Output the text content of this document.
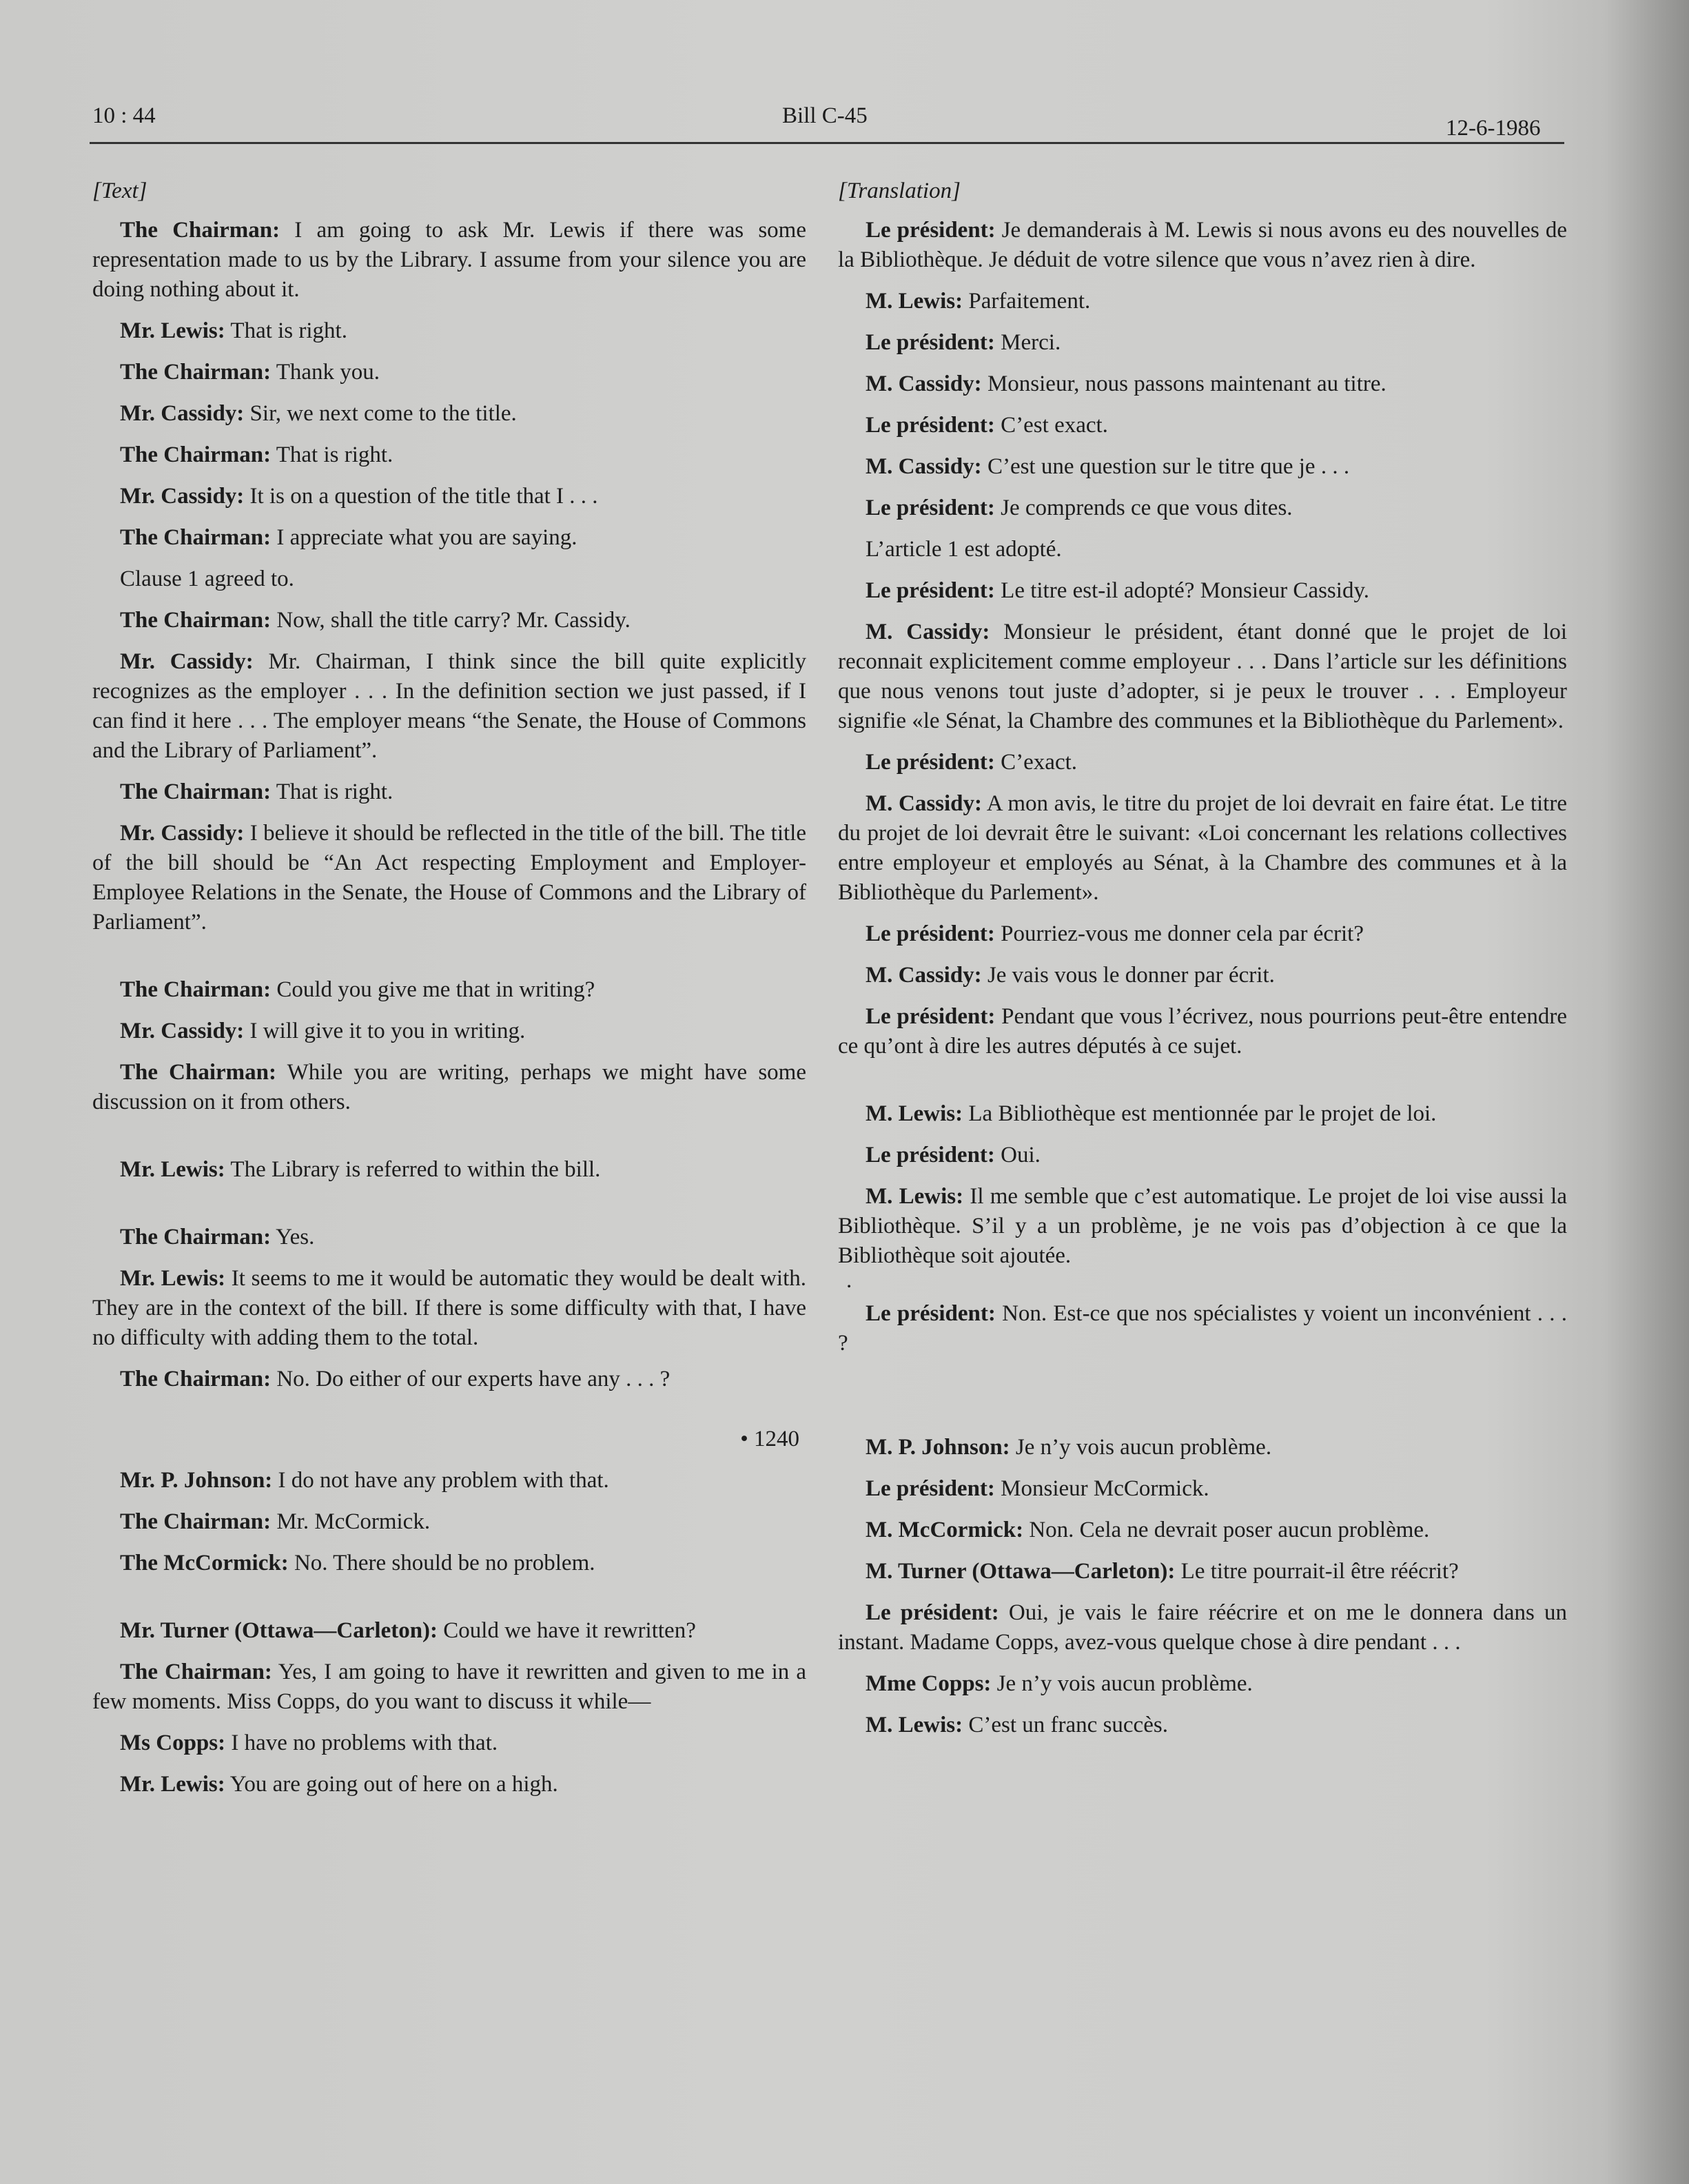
10 : 44	Bill C-45	12-6-1986
[Text]

The Chairman: I am going to ask Mr. Lewis if there was some representation made to us by the Library. I assume from your silence you are doing nothing about it.

Mr. Lewis: That is right.

The Chairman: Thank you.

Mr. Cassidy: Sir, we next come to the title.

The Chairman: That is right.

Mr. Cassidy: It is on a question of the title that I . . .

The Chairman: I appreciate what you are saying.

Clause 1 agreed to.

The Chairman: Now, shall the title carry? Mr. Cassidy.

Mr. Cassidy: Mr. Chairman, I think since the bill quite explicitly recognizes as the employer . . . In the definition section we just passed, if I can find it here . . . The employer means “the Senate, the House of Commons and the Library of Parliament”.

The Chairman: That is right.

Mr. Cassidy: I believe it should be reflected in the title of the bill. The title of the bill should be “An Act respecting Employment and Employer-Employee Relations in the Senate, the House of Commons and the Library of Parliament”.

The Chairman: Could you give me that in writing?

Mr. Cassidy: I will give it to you in writing.

The Chairman: While you are writing, perhaps we might have some discussion on it from others.

Mr. Lewis: The Library is referred to within the bill.

The Chairman: Yes.

Mr. Lewis: It seems to me it would be automatic they would be dealt with. They are in the context of the bill. If there is some difficulty with that, I have no difficulty with adding them to the total.

The Chairman: No. Do either of our experts have any . . . ?

• 1240

Mr. P. Johnson: I do not have any problem with that.

The Chairman: Mr. McCormick.

The McCormick: No. There should be no problem.

Mr. Turner (Ottawa—Carleton): Could we have it rewritten?

The Chairman: Yes, I am going to have it rewritten and given to me in a few moments. Miss Copps, do you want to discuss it while—

Ms Copps: I have no problems with that.

Mr. Lewis: You are going out of here on a high.

[Translation]

Le président: Je demanderais à M. Lewis si nous avons eu des nouvelles de la Bibliothèque. Je déduit de votre silence que vous n’avez rien à dire.

M. Lewis: Parfaitement.

Le président: Merci.

M. Cassidy: Monsieur, nous passons maintenant au titre.

Le président: C’est exact.

M. Cassidy: C’est une question sur le titre que je . . .

Le président: Je comprends ce que vous dites.

L’article 1 est adopté.

Le président: Le titre est-il adopté? Monsieur Cassidy.

M. Cassidy: Monsieur le président, étant donné que le projet de loi reconnait explicitement comme employeur . . . Dans l’article sur les définitions que nous venons tout juste d’adopter, si je peux le trouver . . . Employeur signifie «le Sénat, la Chambre des communes et la Bibliothèque du Parlement».

Le président: C’exact.

M. Cassidy: A mon avis, le titre du projet de loi devrait en faire état. Le titre du projet de loi devrait être le suivant: «Loi concernant les relations collectives entre employeur et employés au Sénat, à la Chambre des communes et à la Bibliothèque du Parlement».

Le président: Pourriez-vous me donner cela par écrit?

M. Cassidy: Je vais vous le donner par écrit.

Le président: Pendant que vous l’écrivez, nous pourrions peut-être entendre ce qu’ont à dire les autres députés à ce sujet.

M. Lewis: La Bibliothèque est mentionnée par le projet de loi.

Le président: Oui.

M. Lewis: Il me semble que c’est automatique. Le projet de loi vise aussi la Bibliothèque. S’il y a un problème, je ne vois pas d’objection à ce que la Bibliothèque soit ajoutée.

.

Le président: Non. Est-ce que nos spécialistes y voient un inconvénient . . . ?

M. P. Johnson: Je n’y vois aucun problème.

Le président: Monsieur McCormick.

M. McCormick: Non. Cela ne devrait poser aucun problème.

M. Turner (Ottawa—Carleton): Le titre pourrait-il être réécrit?

Le président: Oui, je vais le faire réécrire et on me le donnera dans un instant. Madame Copps, avez-vous quelque chose à dire pendant . . .

Mme Copps: Je n’y vois aucun problème.

M. Lewis: C’est un franc succès.
